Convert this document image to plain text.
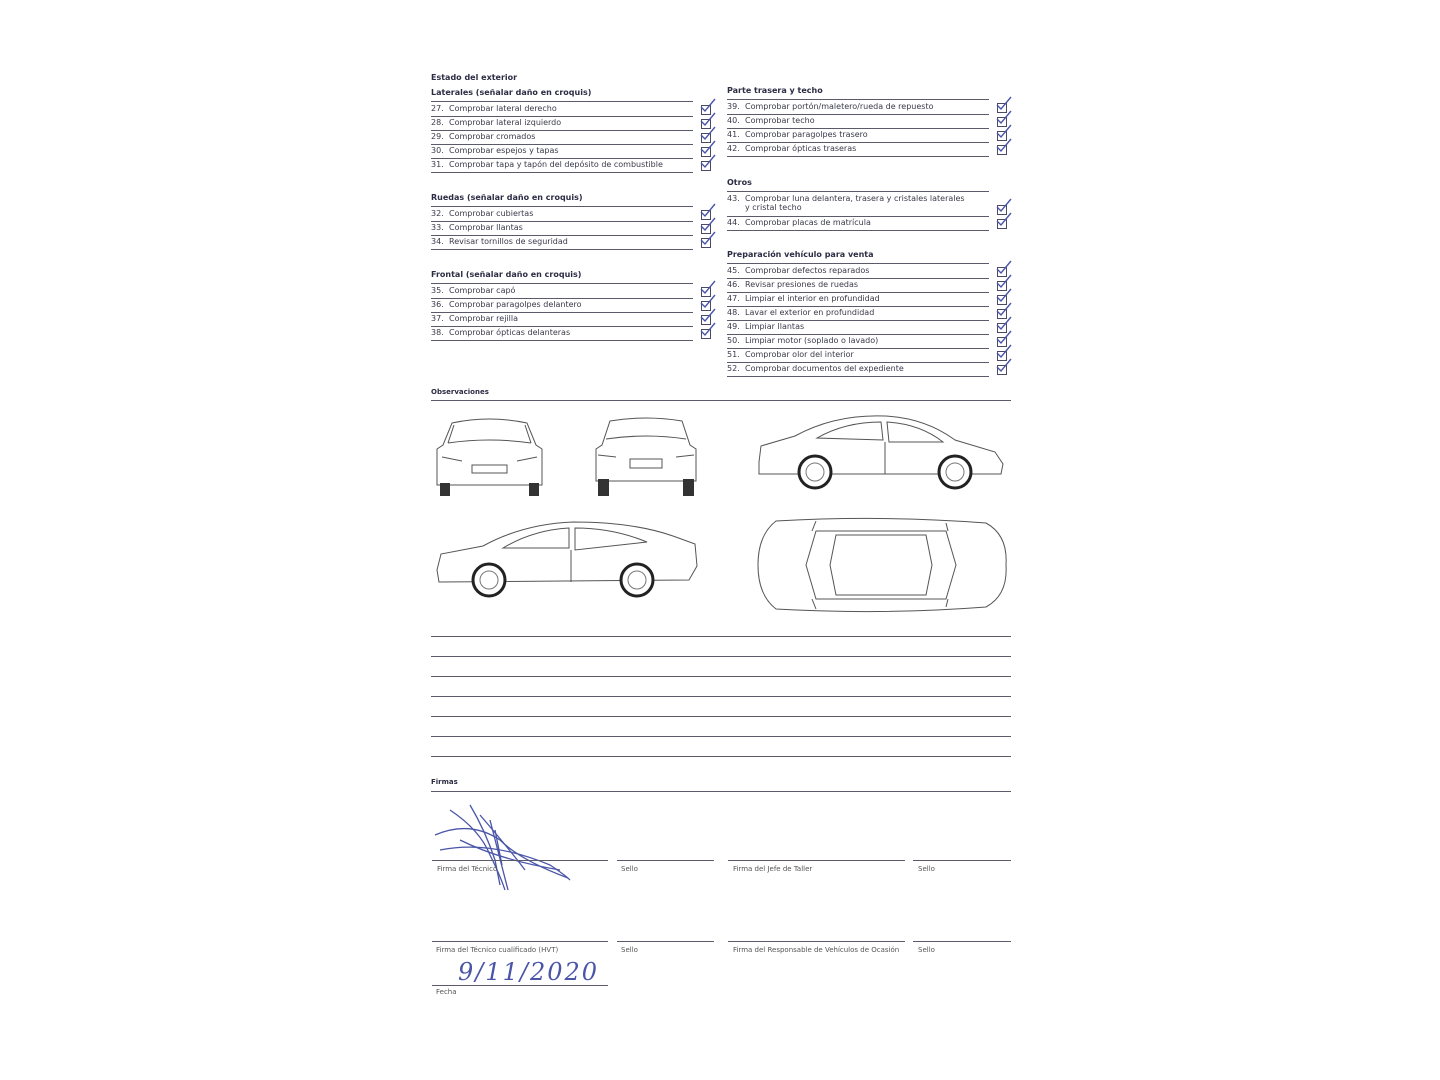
Estado del exterior
Laterales (señalar daño en croquis)
27. Comprobar lateral derecho
28. Comprobar lateral izquierdo
29. Comprobar cromados
30. Comprobar espejos y tapas
31. Comprobar tapa y tapón del depósito de combustible
Ruedas (señalar daño en croquis)
32. Comprobar cubiertas
33. Comprobar llantas
34. Revisar tornillos de seguridad
Frontal (señalar daño en croquis)
35. Comprobar capó
36. Comprobar paragolpes delantero
37. Comprobar rejilla
38. Comprobar ópticas delanteras
Parte trasera y techo
39. Comprobar portón/maletero/rueda de repuesto
40. Comprobar techo
41. Comprobar paragolpes trasero
42. Comprobar ópticas traseras
Otros
43. Comprobar luna delantera, trasera y cristales laterales
y cristal techo
44. Comprobar placas de matrícula
Preparación vehículo para venta
45. Comprobar defectos reparados
46. Revisar presiones de ruedas
47. Limpiar el interior en profundidad
48. Lavar el exterior en profundidad
49. Limpiar llantas
50. Limpiar motor (soplado o lavado)
51. Comprobar olor del interior
52. Comprobar documentos del expediente
Observaciones
Firmas
Firma del Técnico	Sello	Firma del Jefe de Taller	Sello
Firma del Técnico cualificado (HVT)	Sello	Firma del Responsable de Vehículos de Ocasión	Sello
9/11/2020
Fecha
